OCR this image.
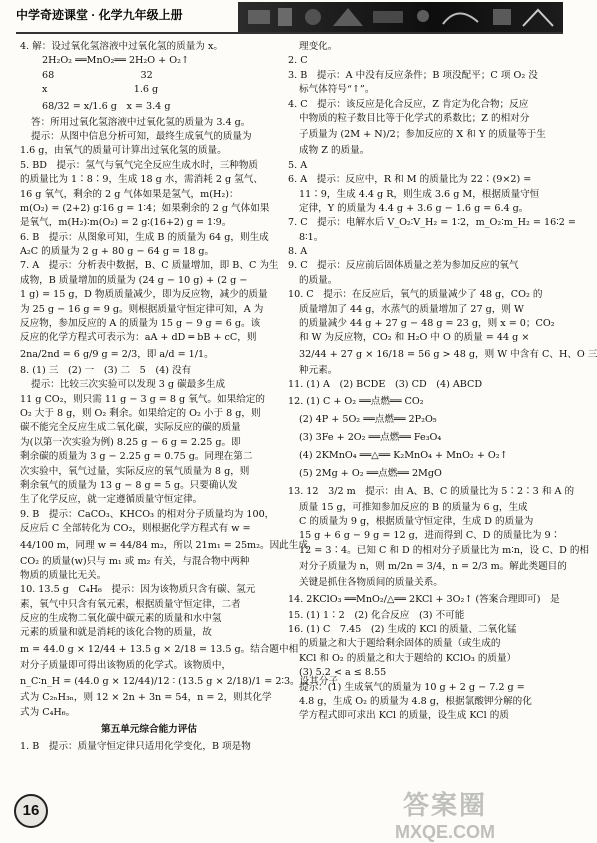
中学奇迹课堂 · 化学九年级上册
4. 解：设过氧化氢溶液中过氧化氢的质量为 x。
2H₂O₂ ══MnO₂══ 2H₂O + O₂↑
68　　　　　　　　　32
x　　　　　　　　　1.6 g
68/32 = x/1.6 g　x = 3.4 g
答：所用过氧化氢溶液中过氧化氢的质量为 3.4 g。
提示：从图中信息分析可知，最终生成氧气的质量为
1.6 g，由氧气的质量可计算出过氧化氢的质量。
5. BD　提示：氢气与氧气完全反应生成水时，三种物质
的质量比为 1∶8∶9，生成 18 g 水，需消耗 2 g 氢气、
16 g 氧气，剩余的 2 g 气体如果是氢气，m(H₂)：
m(O₂) = (2+2) g∶16 g = 1∶4；如果剩余的 2 g 气体如果
是氧气，m(H₂)∶m(O₂) = 2 g∶(16+2) g = 1∶9。
6. B　提示：从图象可知，生成 B 的质量为 64 g，则生成
A₂C 的质量为 2 g + 80 g − 64 g = 18 g。
7. A　提示：分析表中数据，B、C 质量增加，即 B、C 为生
成物，B 质量增加的质量为 (24 g − 10 g) + (2 g −
1 g) = 15 g，D 物质质量减少，即为反应物，减少的质量
为 25 g − 16 g = 9 g。则根据质量守恒定律可知，A 为
反应物，参加反应的 A 的质量为 15 g − 9 g = 6 g。该
反应的化学方程式可表示为：aA + dD ═ bB + cC，则
2na/2nd = 6 g/9 g = 2/3，即 a/d = 1/1。
8. (1) 三　(2) 一　(3) 二　5　(4) 没有
提示：比较三次实验可以发现 3 g 碳最多生成
11 g CO₂，则只需 11 g − 3 g = 8 g 氧气。如果给定的
O₂ 大于 8 g，则 O₂ 剩余。如果给定的 O₂ 小于 8 g，则
碳不能完全反应生成二氧化碳，实际反应的碳的质量
为(以第一次实验为例) 8.25 g − 6 g = 2.25 g。即
剩余碳的质量为 3 g − 2.25 g = 0.75 g。同理在第二
次实验中，氧气过量，实际反应的氧气质量为 8 g，则
剩余氧气的质量为 13 g − 8 g = 5 g。只要确认发
生了化学反应，就一定遵循质量守恒定律。
9. B　提示：CaCO₃、KHCO₃ 的相对分子质量均为 100，
反应后 C 全部转化为 CO₂，则根据化学方程式有 w =
44/100 m，同理 w = 44/84 m₂，所以 21m₁ = 25m₂。因此生成
CO₂ 的质量(w)只与 m₁ 或 m₂ 有关，与混合物中两种
物质的质量比无关。
10. 13.5 g　C₄H₆　提示：因为该物质只含有碳、氢元
素，氧气中只含有氧元素，根据质量守恒定律，二者
反应的生成物二氧化碳中碳元素的质量和水中氢
元素的质量和就是消耗的该化合物的质量，故
m = 44.0 g × 12/44 + 13.5 g × 2/18 = 13.5 g。结合题中相
对分子质量即可得出该物质的化学式。该物质中，
n_C∶n_H = (44.0 g × 12/44)/12 ∶ (13.5 g × 2/18)/1 = 2∶3。设其分子
式为 C₂ₙH₃ₙ，则 12 × 2n + 3n = 54，n = 2，则其化学
式为 C₄H₆。
第五单元综合能力评估
1. B　提示：质量守恒定律只适用化学变化，B 项是物
理变化。
2. C
3. B　提示：A 中没有反应条件；B 项没配平；C 项 O₂ 没
标气体符号“↑”。
4. C　提示：该反应是化合反应，Z 肯定为化合物；反应
中物质的粒子数目比等于化学式的系数比；Z 的相对分
子质量为 (2M + N)/2；参加反应的 X 和 Y 的质量等于生
成物 Z 的质量。
5. A
6. A　提示：反应中，R 和 M 的质量比为 22∶(9×2) =
11∶9，生成 4.4 g R，则生成 3.6 g M，根据质量守恒
定律，Y 的质量为 4.4 g + 3.6 g − 1.6 g = 6.4 g。
7. C　提示：电解水后 V_O₂∶V_H₂ = 1∶2，m_O₂∶m_H₂ = 16∶2 =
8∶1。
8. A
9. C　提示：反应前后固体质量之差为参加反应的氧气
的质量。
10. C　提示：在反应后，氧气的质量减少了 48 g，CO₂ 的
质量增加了 44 g，水蒸气的质量增加了 27 g，则 W
的质量减少 44 g + 27 g − 48 g = 23 g，则 x = 0；CO₂
和 W 为反应物，CO₂ 和 H₂O 中 O 的质量 = 44 g ×
32/44 + 27 g × 16/18 = 56 g > 48 g，则 W 中含有 C、H、O 三
种元素。
11. (1) A　(2) BCDE　(3) CD　(4) ABCD
12. (1) C + O₂ ══点燃══ CO₂
(2) 4P + 5O₂ ══点燃══ 2P₂O₅
(3) 3Fe + 2O₂ ══点燃══ Fe₃O₄
(4) 2KMnO₄ ══△══ K₂MnO₄ + MnO₂ + O₂↑
(5) 2Mg + O₂ ══点燃══ 2MgO
13. 12　3/2 m　提示：由 A、B、C 的质量比为 5∶2∶3 和 A 的
质量 15 g，可推知参加反应的 B 的质量为 6 g，生成
C 的质量为 9 g，根据质量守恒定律，生成 D 的质量为
15 g + 6 g − 9 g = 12 g，进而得到 C、D 的质量比为 9∶
12 = 3∶4。已知 C 和 D 的相对分子质量比为 m∶n，设 C、D 的相
对分子质量为 n，则 m/2n = 3/4，n = 2/3 m。解此类题目的
关键是抓住各物质间的质量关系。
14. 2KClO₃ ══MnO₂/△══ 2KCl + 3O₂↑ (答案合理即可)　是
15. (1) 1∶2　(2) 化合反应　(3) 不可能
16. (1) C　7.45　(2) 生成的 KCl 的质量、二氧化锰
的质量之和大于题给剩余固体的质量（或生成的
KCl 和 O₂ 的质量之和大于题给的 KClO₃ 的质量）
(3) 5.2 < a ≤ 8.55
提示：(1) 生成氧气的质量为 10 g + 2 g − 7.2 g =
4.8 g，生成 O₂ 的质量为 4.8 g，根据氯酸钾分解的化
学方程式即可求出 KCl 的质量，设生成 KCl 的质
16	答案圈
MXQE.COM
